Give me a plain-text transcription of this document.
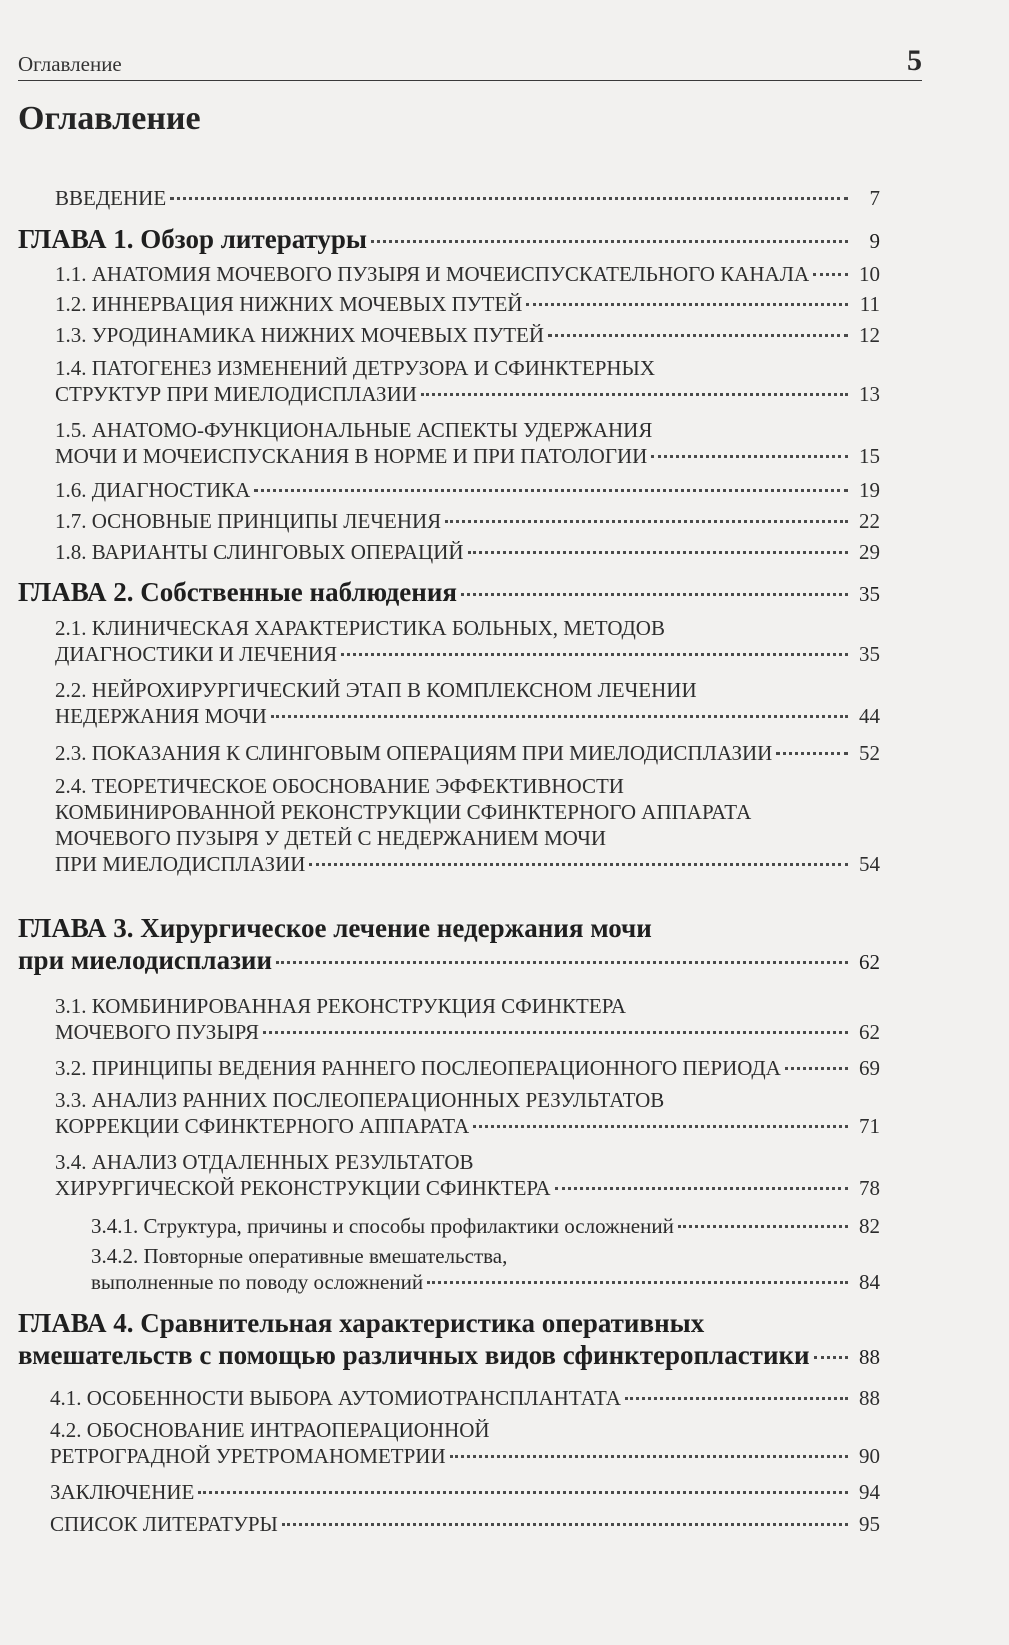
Оглавление	5
Оглавление
ВВЕДЕНИЕ	7
ГЛАВА 1. Обзор литературы	9
1.1. АНАТОМИЯ МОЧЕВОГО ПУЗЫРЯ И МОЧЕИСПУСКАТЕЛЬНОГО КАНАЛА	10
1.2. ИННЕРВАЦИЯ НИЖНИХ МОЧЕВЫХ ПУТЕЙ	11
1.3. УРОДИНАМИКА НИЖНИХ МОЧЕВЫХ ПУТЕЙ	12
1.4. ПАТОГЕНЕЗ ИЗМЕНЕНИЙ ДЕТРУЗОРА И СФИНКТЕРНЫХ
СТРУКТУР ПРИ МИЕЛОДИСПЛАЗИИ	13
1.5. АНАТОМО-ФУНКЦИОНАЛЬНЫЕ АСПЕКТЫ УДЕРЖАНИЯ
МОЧИ И МОЧЕИСПУСКАНИЯ В НОРМЕ И ПРИ ПАТОЛОГИИ	15
1.6. ДИАГНОСТИКА	19
1.7. ОСНОВНЫЕ ПРИНЦИПЫ ЛЕЧЕНИЯ	22
1.8. ВАРИАНТЫ СЛИНГОВЫХ ОПЕРАЦИЙ	29
ГЛАВА 2. Собственные наблюдения	35
2.1. КЛИНИЧЕСКАЯ ХАРАКТЕРИСТИКА БОЛЬНЫХ, МЕТОДОВ
ДИАГНОСТИКИ И ЛЕЧЕНИЯ	35
2.2. НЕЙРОХИРУРГИЧЕСКИЙ ЭТАП В КОМПЛЕКСНОМ ЛЕЧЕНИИ
НЕДЕРЖАНИЯ МОЧИ	44
2.3. ПОКАЗАНИЯ К СЛИНГОВЫМ ОПЕРАЦИЯМ ПРИ МИЕЛОДИСПЛАЗИИ	52
2.4. ТЕОРЕТИЧЕСКОЕ ОБОСНОВАНИЕ ЭФФЕКТИВНОСТИ
КОМБИНИРОВАННОЙ РЕКОНСТРУКЦИИ СФИНКТЕРНОГО АППАРАТА
МОЧЕВОГО ПУЗЫРЯ У ДЕТЕЙ С НЕДЕРЖАНИЕМ МОЧИ
ПРИ МИЕЛОДИСПЛАЗИИ	54
ГЛАВА 3. Хирургическое лечение недержания мочи
при миелодисплазии	62
3.1. КОМБИНИРОВАННАЯ РЕКОНСТРУКЦИЯ СФИНКТЕРА
МОЧЕВОГО ПУЗЫРЯ	62
3.2. ПРИНЦИПЫ ВЕДЕНИЯ РАННЕГО ПОСЛЕОПЕРАЦИОННОГО ПЕРИОДА	69
3.3. АНАЛИЗ РАННИХ ПОСЛЕОПЕРАЦИОННЫХ РЕЗУЛЬТАТОВ
КОРРЕКЦИИ СФИНКТЕРНОГО АППАРАТА	71
3.4. АНАЛИЗ ОТДАЛЕННЫХ РЕЗУЛЬТАТОВ
ХИРУРГИЧЕСКОЙ РЕКОНСТРУКЦИИ СФИНКТЕРА	78
3.4.1. Структура, причины и способы профилактики осложнений	82
3.4.2. Повторные оперативные вмешательства,
выполненные по поводу осложнений	84
ГЛАВА 4. Сравнительная характеристика оперативных
вмешательств с помощью различных видов сфинктеропластики	88
4.1. ОСОБЕННОСТИ ВЫБОРА АУТОМИОТРАНСПЛАНТАТА	88
4.2. ОБОСНОВАНИЕ ИНТРАОПЕРАЦИОННОЙ
РЕТРОГРАДНОЙ УРЕТРОМАНОМЕТРИИ	90
ЗАКЛЮЧЕНИЕ	94
СПИСОК ЛИТЕРАТУРЫ	95
